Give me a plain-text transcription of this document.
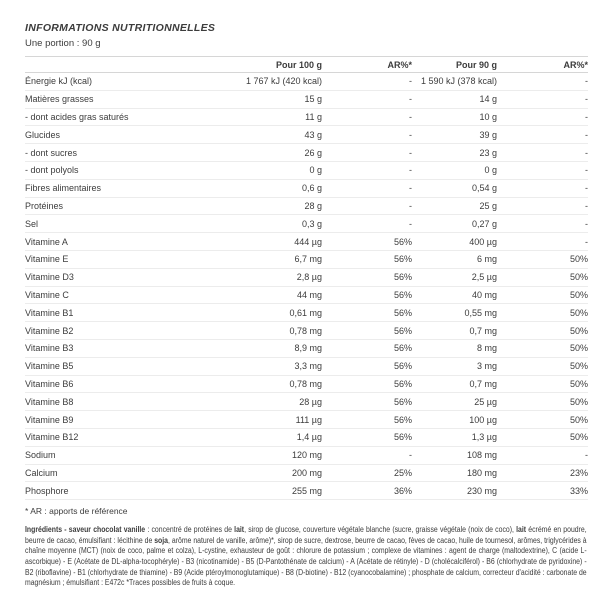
INFORMATIONS NUTRITIONNELLES
Une portion : 90 g
	Pour 100 g	AR%*	Pour 90 g	AR%*
Énergie kJ (kcal)	1 767 kJ (420 kcal)	-	1 590 kJ (378 kcal)	-
Matières grasses	15 g	-	14 g	-
- dont acides gras saturés	11 g	-	10 g	-
Glucides	43 g	-	39 g	-
- dont sucres	26 g	-	23 g	-
- dont polyols	0 g	-	0 g	-
Fibres alimentaires	0,6 g	-	0,54 g	-
Protéines	28 g	-	25 g	-
Sel	0,3 g	-	0,27 g	-
Vitamine A	444 µg	56%	400 µg	-
Vitamine E	6,7 mg	56%	6 mg	50%
Vitamine D3	2,8 µg	56%	2,5 µg	50%
Vitamine C	44 mg	56%	40 mg	50%
Vitamine B1	0,61 mg	56%	0,55 mg	50%
Vitamine B2	0,78 mg	56%	0,7 mg	50%
Vitamine B3	8,9 mg	56%	8 mg	50%
Vitamine B5	3,3 mg	56%	3 mg	50%
Vitamine B6	0,78 mg	56%	0,7 mg	50%
Vitamine B8	28 µg	56%	25 µg	50%
Vitamine B9	111 µg	56%	100 µg	50%
Vitamine B12	1,4 µg	56%	1,3 µg	50%
Sodium	120 mg	-	108 mg	-
Calcium	200 mg	25%	180 mg	23%
Phosphore	255 mg	36%	230 mg	33%
* AR : apports de référence

Ingrédients - saveur chocolat vanille : concentré de protéines de lait, sirop de glucose, couverture végétale blanche (sucre, graisse végétale (noix de coco), lait écrémé en poudre, beurre de cacao, émulsifiant : lécithine de soja, arôme naturel de vanille, arôme)*, sirop de sucre, dextrose, beurre de cacao, fèves de cacao, huile de tournesol, arômes, triglycérides à chaîne moyenne (MCT) (noix de coco, palme et colza), L-cystine, exhausteur de goût : chlorure de potassium ; complexe de vitamines : agent de charge (maltodextrine), C (acide L-ascorbique) - E (Acétate de DL-alpha-tocophéryle) - B3 (nicotinamide) - B5 (D-Pantothénate de calcium) - A (Acétate de rétinyle) - D (cholécalciférol) - B6 (chlorhydrate de pyridoxine) - B2 (riboflavine) - B1 (chlorhydrate de thiamine) - B9 (Acide ptéroylmonoglutamique) - B8 (D-biotine) - B12 (cyanocobalamine) ; phosphate de calcium, correcteur d'acidité : carbonate de magnésium ; émulsifiant : E472c *Traces possibles de fruits à coque.
